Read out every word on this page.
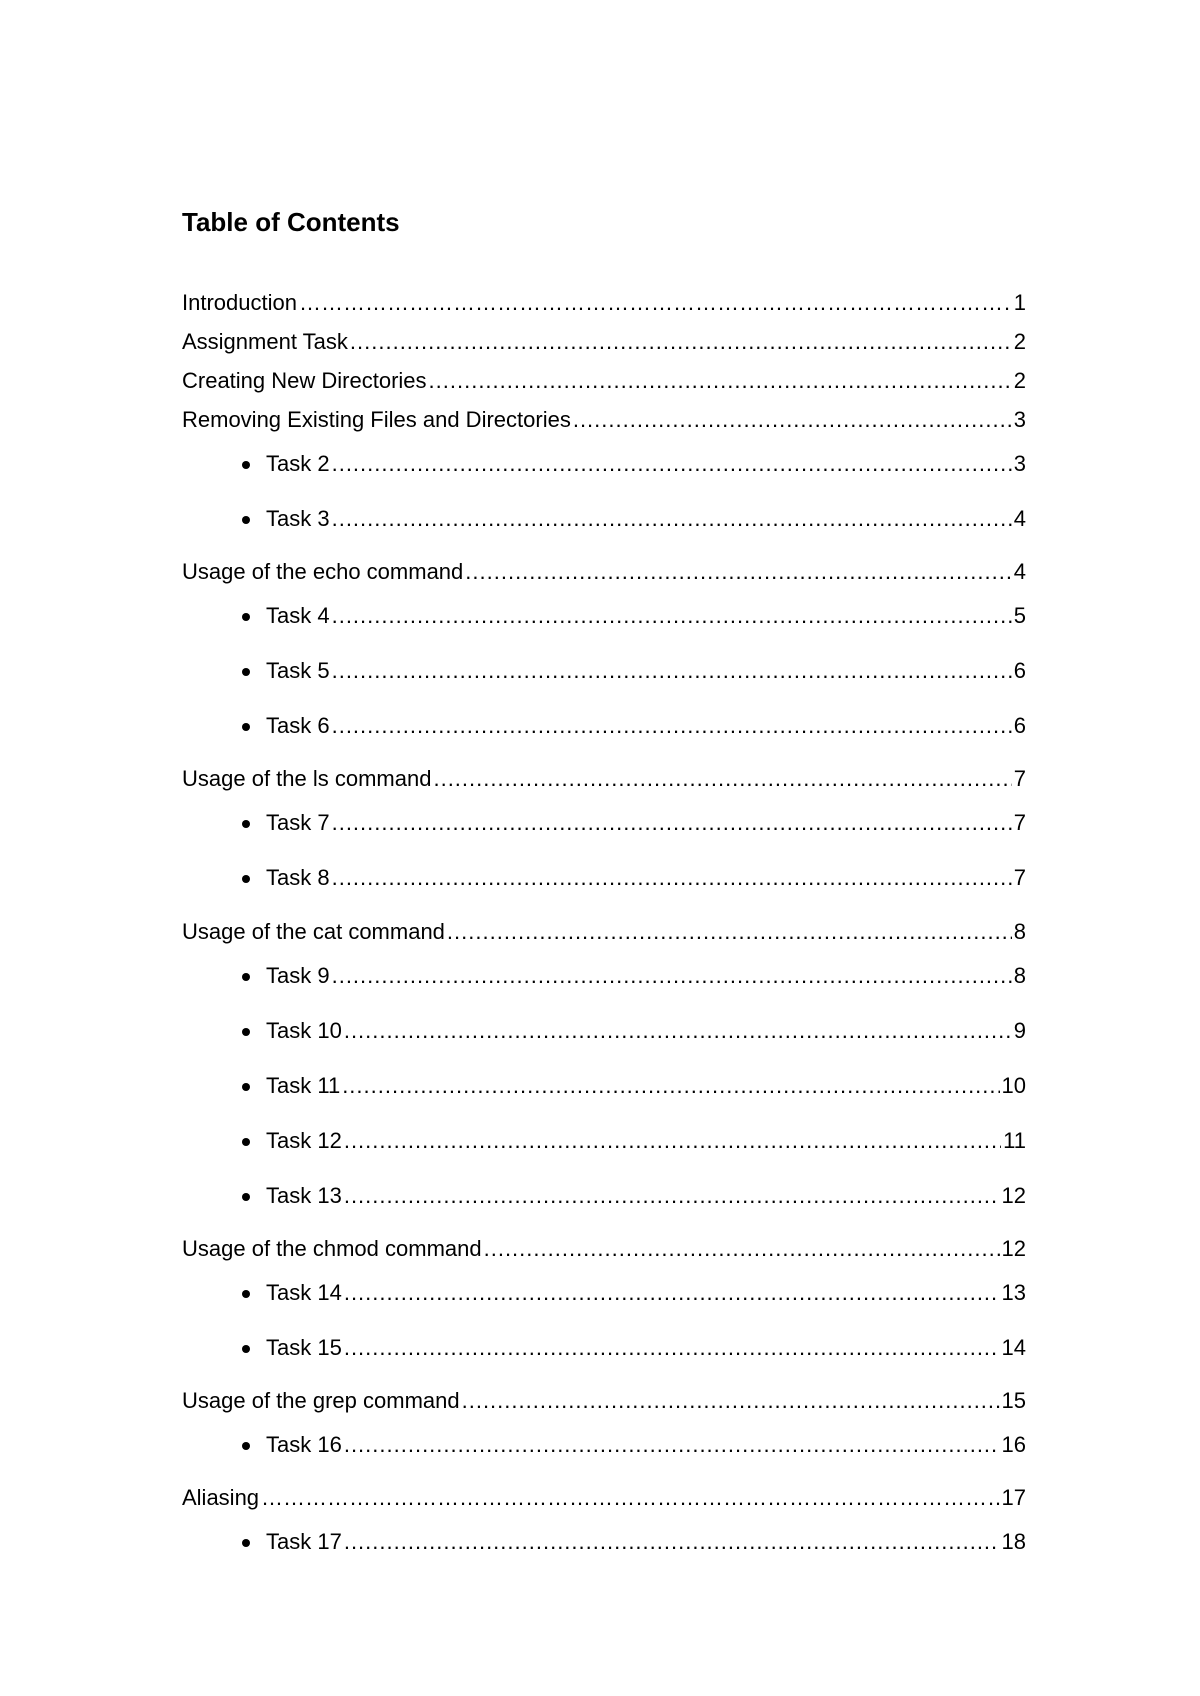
Table of Contents
Introduction ……………………………………………………………………………………………………………………………………………………………	1
Assignment Task .....	2
Creating New Directories .....	2
Removing Existing Files and Directories .....	3
Task 2 .....	3
Task 3 .....	4
Usage of the echo command .....	4
Task 4 .....	5
Task 5 .....	6
Task 6 .....	6
Usage of the ls command .....	7
Task 7 .....	7
Task 8 .....	7
Usage of the cat command .....	8
Task 9 .....	8
Task 10 .....	9
Task 11 .....	10
Task 12 .....	11
Task 13 .....	12
Usage of the chmod command .....	12
Task 14 .....	13
Task 15 .....	14
Usage of the grep command .....	15
Task 16 .....	16
Aliasing ……………………………………………………………………………………………………………………………………………………………	17
Task 17 .....	18
